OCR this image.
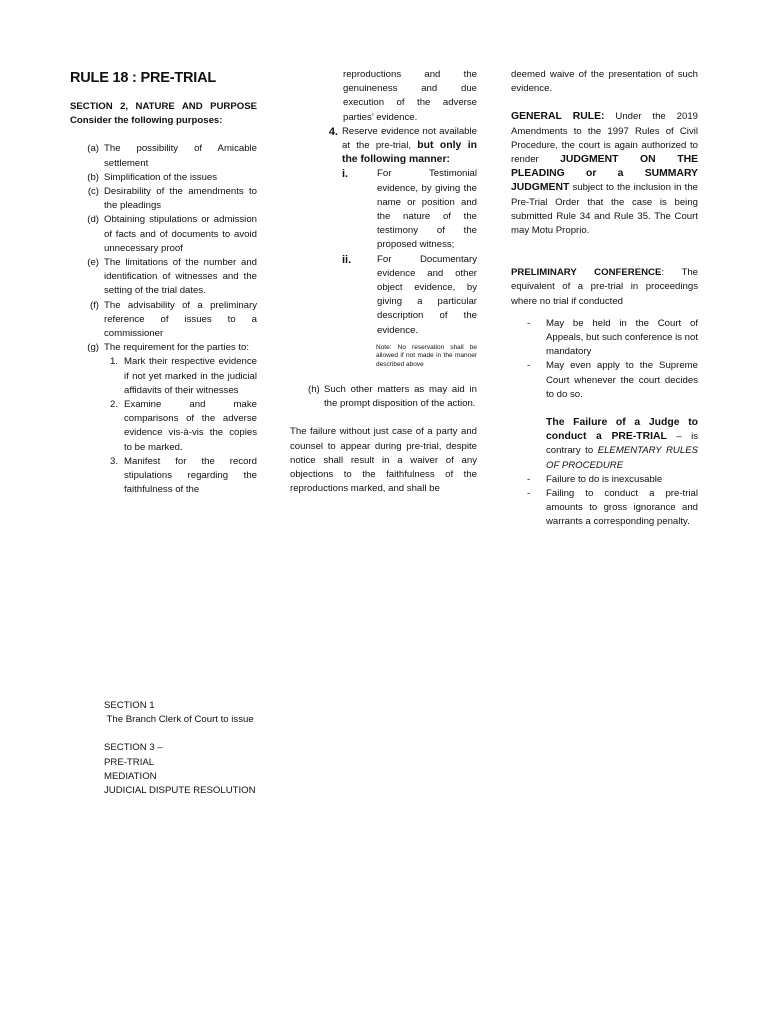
RULE 18 : PRE-TRIAL
SECTION 2, NATURE AND PURPOSE Consider the following purposes:
(a) The possibility of Amicable settlement
(b) Simplification of the issues
(c) Desirability of the amendments to the pleadings
(d) Obtaining stipulations or admission of facts and of documents to avoid unnecessary proof
(e) The limitations of the number and identification of witnesses and the setting of the trial dates.
(f) The advisability of a preliminary reference of issues to a commissioner
(g) The requirement for the parties to:
1. Mark their respective evidence if not yet marked in the judicial affidavits of their witnesses
2. Examine and make comparisons of the adverse evidence vis-à-vis the copies to be marked.
3. Manifest for the record stipulations regarding the faithfulness of the
reproductions and the genuineness and due execution of the adverse parties’ evidence.
4. Reserve evidence not available at the pre-trial, but only in the following manner:
i.	For Testimonial evidence, by giving the name or position and the nature of the testimony of the proposed witness;
ii.	For Documentary evidence and other object evidence, by giving a particular description of the evidence.
Note: No reservation shall be allowed if not made in the manner described above
(h) Such other matters as may aid in the prompt disposition of the action.
The failure without just case of a party and counsel to appear during pre-trial, despite notice shall result in a waiver of any objections to the faithfulness of the reproductions marked, and shall be
deemed waive of the presentation of such evidence.
GENERAL RULE: Under the 2019 Amendments to the 1997 Rules of Civil Procedure, the court is again authorized to render JUDGMENT ON THE PLEADING or a SUMMARY JUDGMENT subject to the inclusion in the Pre-Trial Order that the case is being submitted Rule 34 and Rule 35. The Court may Motu Proprio.
PRELIMINARY CONFERENCE: The equivalent of a pre-trial in proceedings where no trial if conducted
-	May be held in the Court of Appeals, but such conference is not mandatory
-	May even apply to the Supreme Court whenever the court decides to do so.
The Failure of a Judge to conduct a PRE-TRIAL – is contrary to ELEMENTARY RULES OF PROCEDURE
-	Failure to do is inexcusable
-	Failing to conduct a pre-trial amounts to gross ignorance and warrants a corresponding penalty.
SECTION 1
The Branch Clerk of Court to issue
SECTION 3 –
PRE-TRIAL
MEDIATION
JUDICIAL DISPUTE RESOLUTION
